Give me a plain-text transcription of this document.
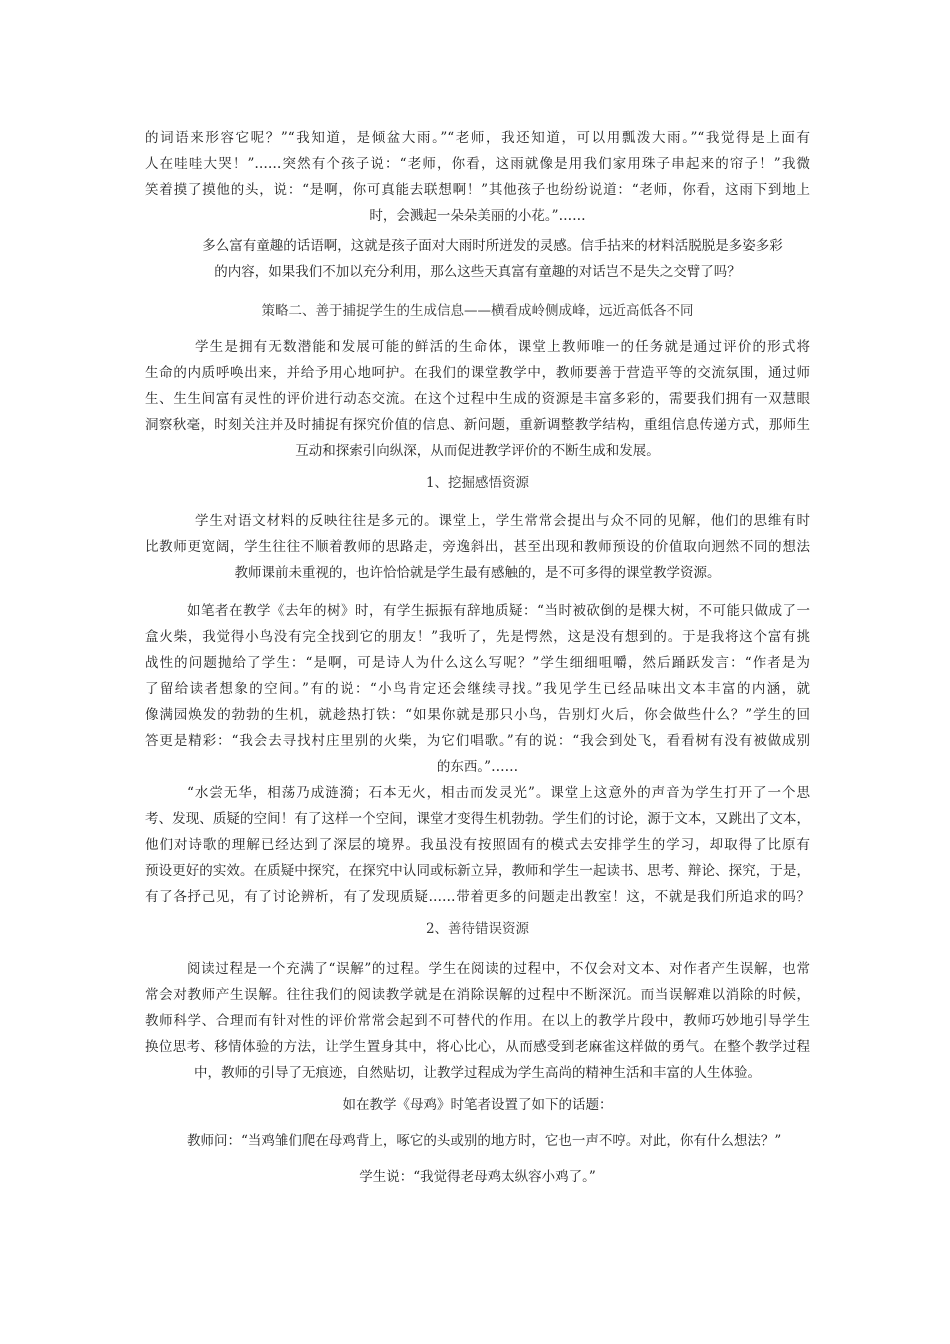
的词语来形容它呢？”“我知道，是倾盆大雨。”“老师，我还知道，可以用瓢泼大雨。”“我觉得是上面有
人在哇哇大哭！”……突然有个孩子说：“老师，你看，这雨就像是用我们家用珠子串起来的帘子！”我微
笑着摸了摸他的头，说：“是啊，你可真能去联想啊！”其他孩子也纷纷说道：“老师，你看，这雨下到地上
时，会溅起一朵朵美丽的小花。”……
多么富有童趣的话语啊，这就是孩子面对大雨时所迸发的灵感。信手拈来的材料活脱脱是多姿多彩
的内容，如果我们不加以充分利用，那么这些天真富有童趣的对话岂不是失之交臂了吗？
策略二、善于捕捉学生的生成信息——横看成岭侧成峰，远近高低各不同
学生是拥有无数潜能和发展可能的鲜活的生命体，课堂上教师唯一的任务就是通过评价的形式将
生命的内质呼唤出来，并给予用心地呵护。在我们的课堂教学中，教师要善于营造平等的交流氛围，通过师
生、生生间富有灵性的评价进行动态交流。在这个过程中生成的资源是丰富多彩的，需要我们拥有一双慧眼
洞察秋毫，时刻关注并及时捕捉有探究价值的信息、新问题，重新调整教学结构，重组信息传递方式，那师生
互动和探索引向纵深，从而促进教学评价的不断生成和发展。
1、挖掘感悟资源
学生对语文材料的反映往往是多元的。课堂上，学生常常会提出与众不同的见解，他们的思维有时
比教师更宽阔，学生往往不顺着教师的思路走，旁逸斜出，甚至出现和教师预设的价值取向迥然不同的想法
教师课前未重视的，也许恰恰就是学生最有感触的，是不可多得的课堂教学资源。
如笔者在教学《去年的树》时，有学生振振有辞地质疑：“当时被砍倒的是棵大树，不可能只做成了一
盒火柴，我觉得小鸟没有完全找到它的朋友！”我听了，先是愕然，这是没有想到的。于是我将这个富有挑
战性的问题抛给了学生：“是啊，可是诗人为什么这么写呢？”学生细细咀嚼，然后踊跃发言：“作者是为
了留给读者想象的空间。”有的说：“小鸟肯定还会继续寻找。”我见学生已经品味出文本丰富的内涵，就
像满园焕发的勃勃的生机，就趁热打铁：“如果你就是那只小鸟，告别灯火后，你会做些什么？”学生的回
答更是精彩：“我会去寻找村庄里别的火柴，为它们唱歌。”有的说：“我会到处飞，看看树有没有被做成别
的东西。”……
“水尝无华，相荡乃成涟漪；石本无火，相击而发灵光”。课堂上这意外的声音为学生打开了一个思
考、发现、质疑的空间！有了这样一个空间，课堂才变得生机勃勃。学生们的讨论，源于文本，又跳出了文本，
他们对诗歌的理解已经达到了深层的境界。我虽没有按照固有的模式去安排学生的学习，却取得了比原有
预设更好的实效。在质疑中探究，在探究中认同或标新立异，教师和学生一起读书、思考、辩论、探究，于是，
有了各抒己见，有了讨论辨析，有了发现质疑……带着更多的问题走出教室！这，不就是我们所追求的吗？
2、善待错误资源
阅读过程是一个充满了“误解”的过程。学生在阅读的过程中，不仅会对文本、对作者产生误解，也常
常会对教师产生误解。往往我们的阅读教学就是在消除误解的过程中不断深沉。而当误解难以消除的时候，
教师科学、合理而有针对性的评价常常会起到不可替代的作用。在以上的教学片段中，教师巧妙地引导学生
换位思考、移情体验的方法，让学生置身其中，将心比心，从而感受到老麻雀这样做的勇气。在整个教学过程
中，教师的引导了无痕迹，自然贴切，让教学过程成为学生高尚的精神生活和丰富的人生体验。
如在教学《母鸡》时笔者设置了如下的话题：
教师问：“当鸡雏们爬在母鸡背上，啄它的头或别的地方时，它也一声不哼。对此，你有什么想法？”
学生说：“我觉得老母鸡太纵容小鸡了。”
